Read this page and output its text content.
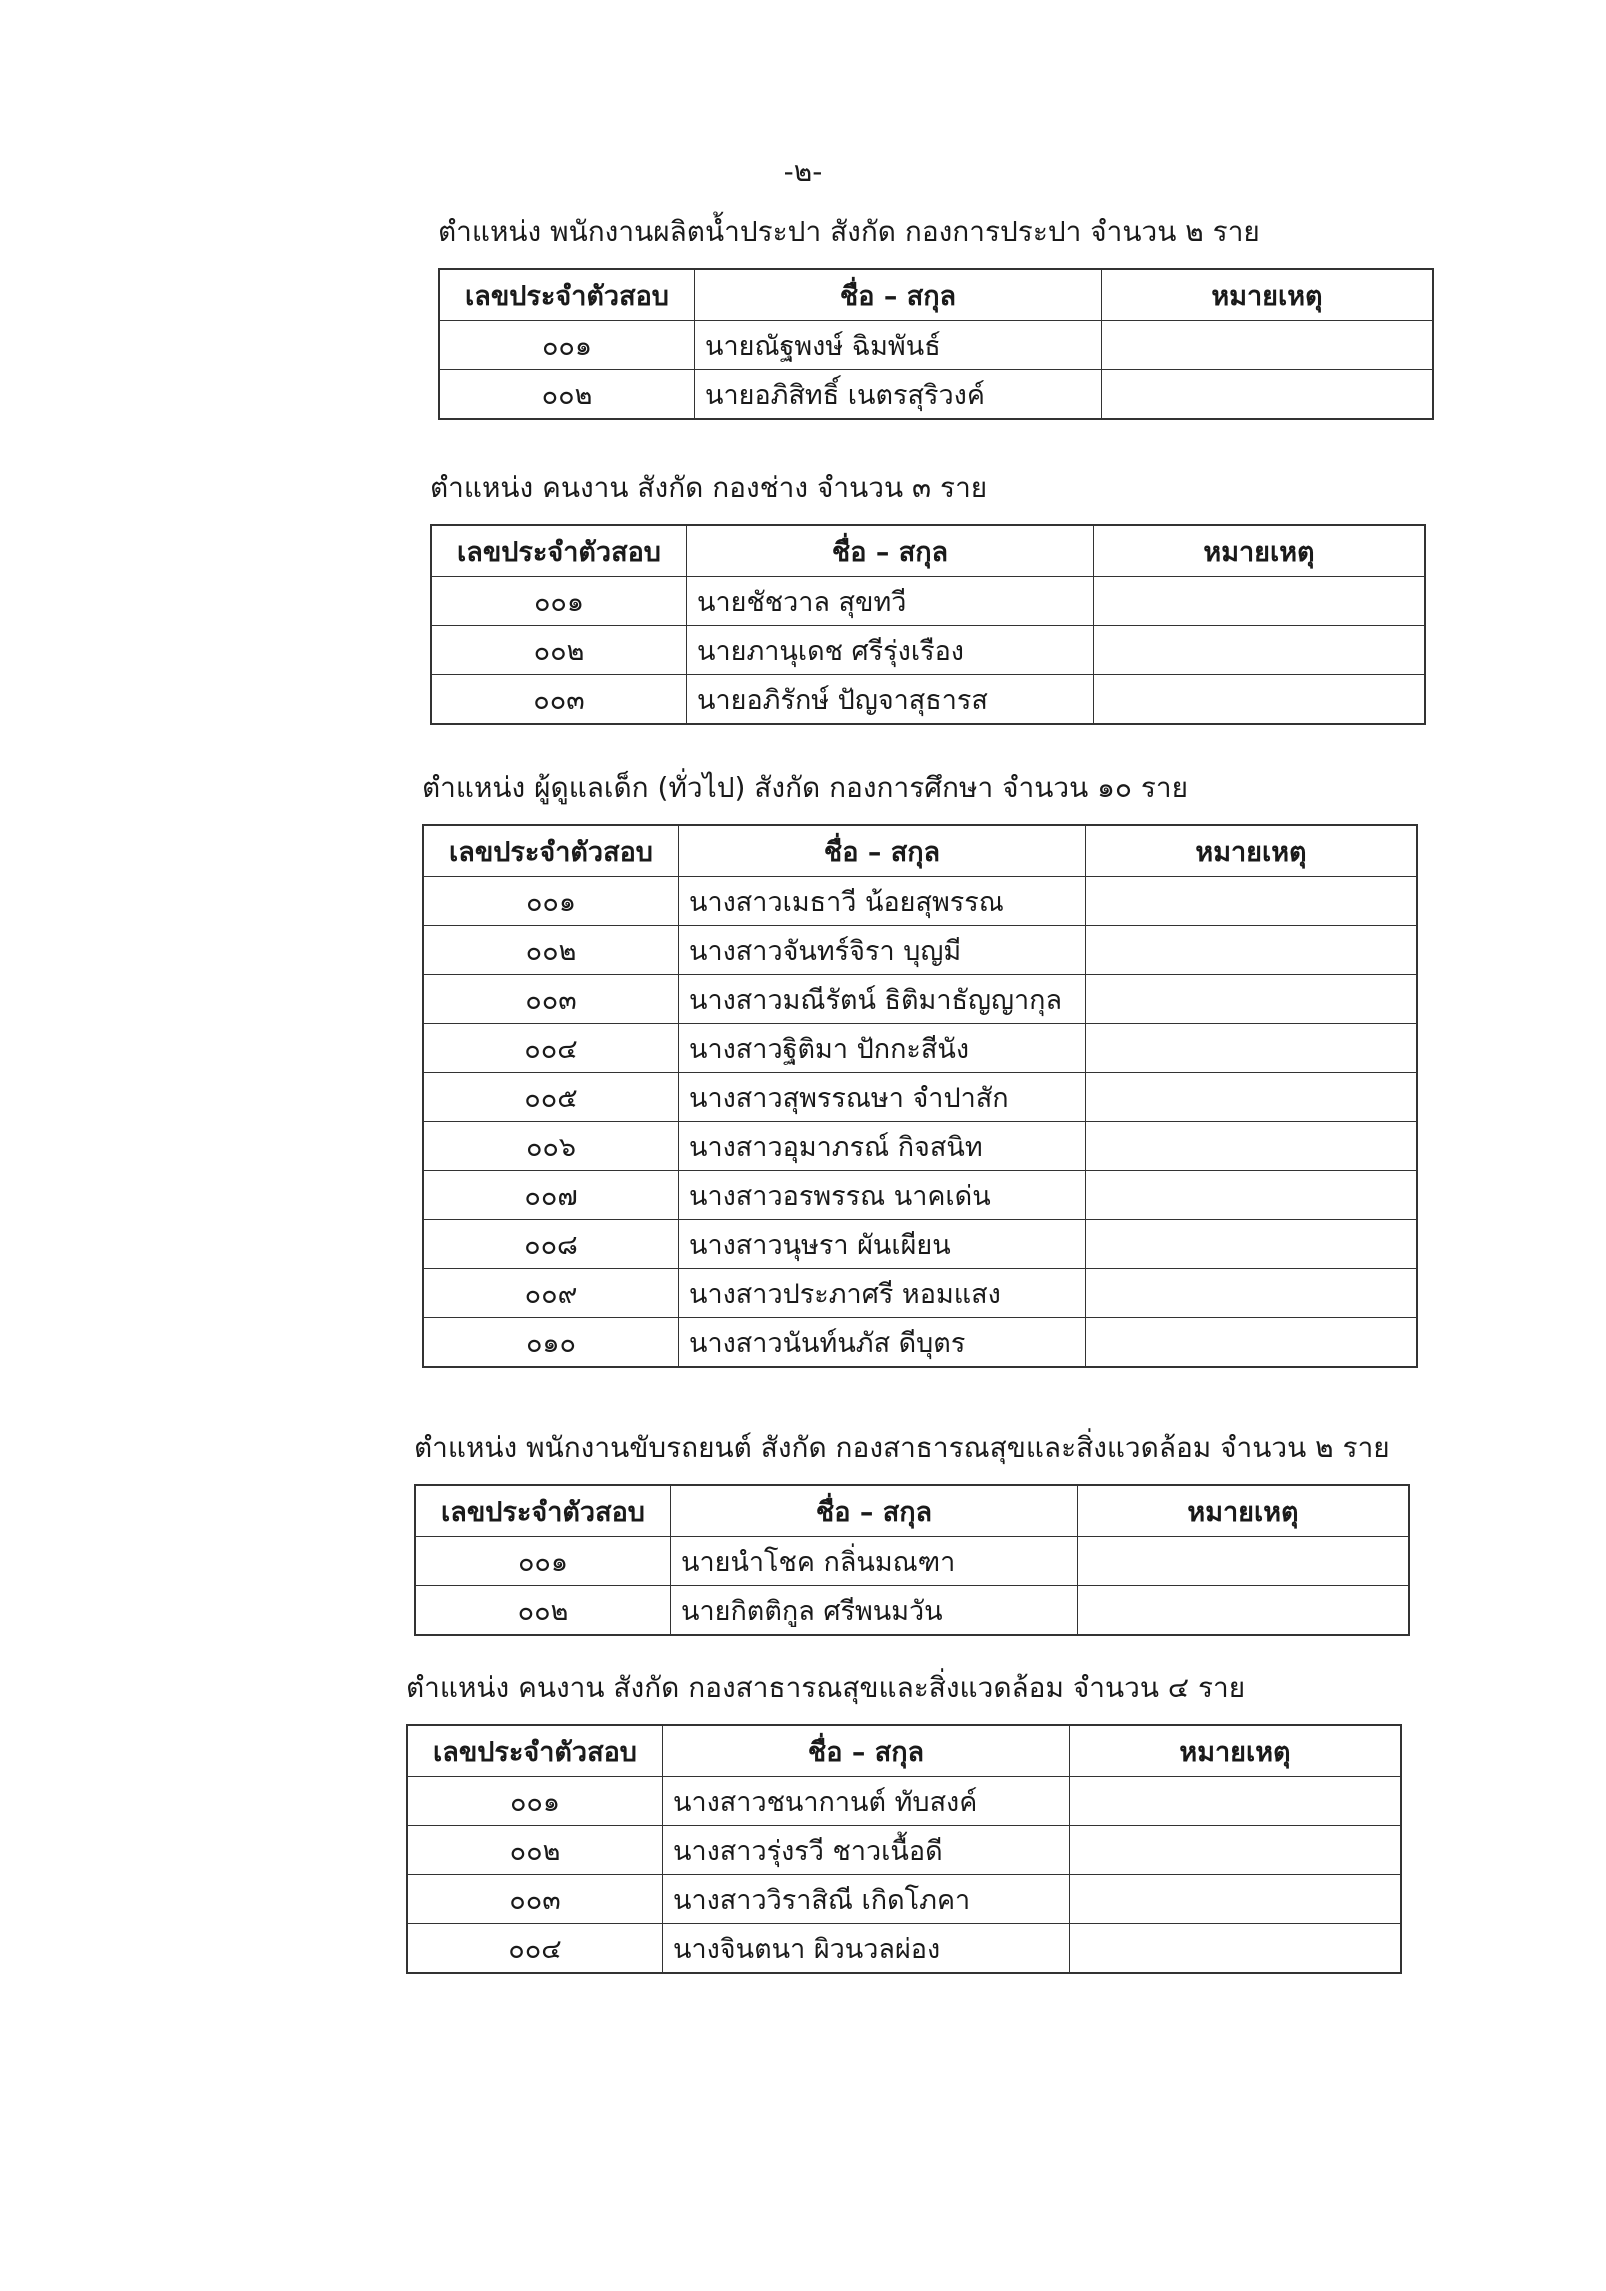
-๒-
ตำแหน่ง พนักงานผลิตน้ำประปา สังกัด กองการประปา จำนวน ๒ ราย
เลขประจำตัวสอบ	ชื่อ – สกุล	หมายเหตุ
๐๐๑	นายณัฐพงษ์ ฉิมพันธ์	
๐๐๒	นายอภิสิทธิ์ เนตรสุริวงค์	
ตำแหน่ง คนงาน สังกัด กองช่าง จำนวน ๓ ราย
เลขประจำตัวสอบ	ชื่อ – สกุล	หมายเหตุ
๐๐๑	นายชัชวาล สุขทวี	
๐๐๒	นายภานุเดช ศรีรุ่งเรือง	
๐๐๓	นายอภิรักษ์ ปัญจาสุธารส	
ตำแหน่ง ผู้ดูแลเด็ก (ทั่วไป) สังกัด กองการศึกษา จำนวน ๑๐ ราย
เลขประจำตัวสอบ	ชื่อ – สกุล	หมายเหตุ
๐๐๑	นางสาวเมธาวี น้อยสุพรรณ	
๐๐๒	นางสาวจันทร์จิรา บุญมี	
๐๐๓	นางสาวมณีรัตน์ ธิติมาธัญญากุล	
๐๐๔	นางสาวฐิติมา ปักกะสีนัง	
๐๐๕	นางสาวสุพรรณษา จำปาสัก	
๐๐๖	นางสาวอุมาภรณ์ กิจสนิท	
๐๐๗	นางสาวอรพรรณ นาคเด่น	
๐๐๘	นางสาวนุษรา ผันเผียน	
๐๐๙	นางสาวประภาศรี หอมแสง	
๐๑๐	นางสาวนันท์นภัส ดีบุตร	
ตำแหน่ง พนักงานขับรถยนต์ สังกัด กองสาธารณสุขและสิ่งแวดล้อม จำนวน ๒ ราย
เลขประจำตัวสอบ	ชื่อ – สกุล	หมายเหตุ
๐๐๑	นายนำโชค กลิ่นมณฑา	
๐๐๒	นายกิตติกูล ศรีพนมวัน	
ตำแหน่ง คนงาน สังกัด กองสาธารณสุขและสิ่งแวดล้อม จำนวน ๔ ราย
เลขประจำตัวสอบ	ชื่อ – สกุล	หมายเหตุ
๐๐๑	นางสาวชนากานต์ ทับสงค์	
๐๐๒	นางสาวรุ่งรวี ชาวเนื้อดี	
๐๐๓	นางสาววิราสิณี เกิดโภคา	
๐๐๔	นางจินตนา ผิวนวลผ่อง	
